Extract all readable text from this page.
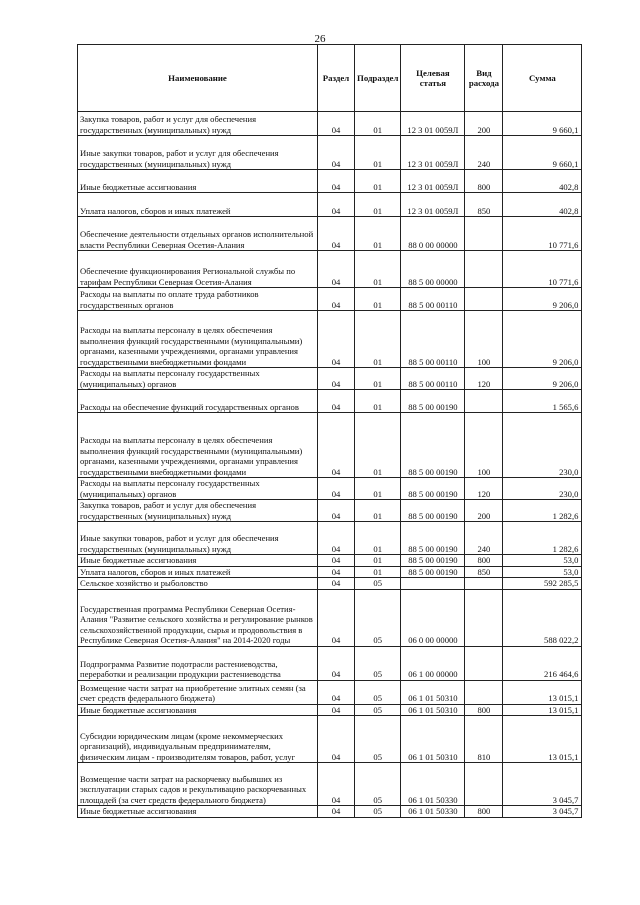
26
Наименование	Раздел	Подраздел	Целевая статья	Вид расхода	Сумма
Закупка товаров, работ и услуг для обеспечения государственных (муниципальных) нужд	04	01	12 3 01 0059Л	200	9 660,1
Иные закупки товаров, работ и услуг для обеспечения государственных (муниципальных) нужд	04	01	12 3 01 0059Л	240	9 660,1
Иные бюджетные ассигнования	04	01	12 3 01 0059Л	800	402,8
Уплата налогов, сборов и иных платежей	04	01	12 3 01 0059Л	850	402,8
Обеспечение деятельности отдельных органов исполнительной власти Республики Северная Осетия-Алания	04	01	88 0 00 00000		10 771,6
Обеспечение функционирования Региональной службы по тарифам Республики Северная Осетия-Алания	04	01	88 5 00 00000		10 771,6
Расходы на выплаты по оплате труда работников государственных органов	04	01	88 5 00 00110		9 206,0
Расходы на выплаты персоналу в целях обеспечения выполнения функций государственными (муниципальными) органами, казенными учреждениями, органами управления государственными внебюджетными фондами	04	01	88 5 00 00110	100	9 206,0
Расходы на выплаты персоналу государственных (муниципальных) органов	04	01	88 5 00 00110	120	9 206,0
Расходы на обеспечение функций государственных органов	04	01	88 5 00 00190		1 565,6
Расходы на выплаты персоналу в целях обеспечения выполнения функций государственными (муниципальными) органами, казенными учреждениями, органами управления государственными внебюджетными фондами	04	01	88 5 00 00190	100	230,0
Расходы на выплаты персоналу государственных (муниципальных) органов	04	01	88 5 00 00190	120	230,0
Закупка товаров, работ и услуг для обеспечения государственных (муниципальных) нужд	04	01	88 5 00 00190	200	1 282,6
Иные закупки товаров, работ и услуг для обеспечения государственных (муниципальных) нужд	04	01	88 5 00 00190	240	1 282,6
Иные бюджетные ассигнования	04	01	88 5 00 00190	800	53,0
Уплата налогов, сборов и иных платежей	04	01	88 5 00 00190	850	53,0
Сельское хозяйство и рыболовство	04	05			592 285,5
Государственная программа Республики Северная Осетия-Алания "Развитие сельского хозяйства и регулирование рынков сельскохозяйственной продукции, сырья и продовольствия в Республике Северная Осетия-Алания" на 2014-2020 годы	04	05	06 0 00 00000		588 022,2
Подпрограмма Развитие подотрасли растениеводства, переработки и реализации продукции растениеводства	04	05	06 1 00 00000		216 464,6
Возмещение части затрат на приобретение элитных семян (за счет средств федерального бюджета)	04	05	06 1 01 50310		13 015,1
Иные бюджетные ассигнования	04	05	06 1 01 50310	800	13 015,1
Субсидии юридическим лицам (кроме некоммерческих организаций), индивидуальным предпринимателям, физическим лицам - производителям товаров, работ, услуг	04	05	06 1 01 50310	810	13 015,1
Возмещение части затрат на раскорчевку выбывших из эксплуатации старых садов и рекультивацию раскорчеванных площадей (за счет средств федерального бюджета)	04	05	06 1 01 50330		3 045,7
Иные бюджетные ассигнования	04	05	06 1 01 50330	800	3 045,7
